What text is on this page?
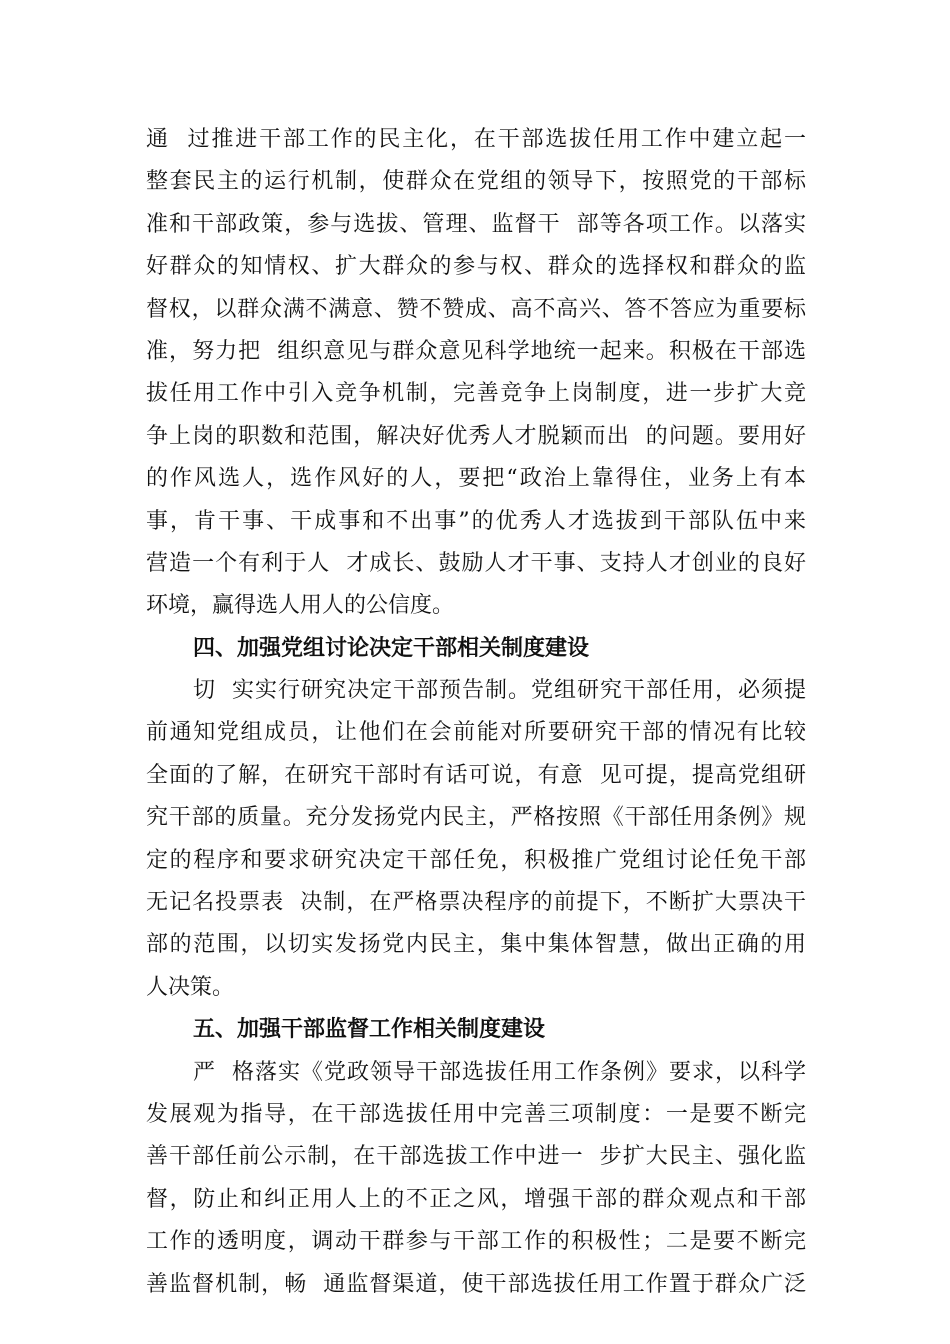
通  过推进干部工作的民主化，在干部选拔任用工作中建立起一
整套民主的运行机制，使群众在党组的领导下，按照党的干部标
准和干部政策，参与选拔、管理、监督干  部等各项工作。以落实
好群众的知情权、扩大群众的参与权、群众的选择权和群众的监
督权，以群众满不满意、赞不赞成、高不高兴、答不答应为重要标
准，努力把  组织意见与群众意见科学地统一起来。积极在干部选
拔任用工作中引入竞争机制，完善竞争上岗制度，进一步扩大竞
争上岗的职数和范围，解决好优秀人才脱颖而出  的问题。要用好
的作风选人，选作风好的人，要把“政治上靠得住，业务上有本
事，肯干事、干成事和不出事”的优秀人才选拔到干部队伍中来
营造一个有利于人  才成长、鼓励人才干事、支持人才创业的良好
环境，赢得选人用人的公信度。
四、加强党组讨论决定干部相关制度建设
切  实实行研究决定干部预告制。党组研究干部任用，必须提
前通知党组成员，让他们在会前能对所要研究干部的情况有比较
全面的了解，在研究干部时有话可说，有意  见可提，提高党组研
究干部的质量。充分发扬党内民主，严格按照《干部任用条例》规
定的程序和要求研究决定干部任免，积极推广党组讨论任免干部
无记名投票表  决制，在严格票决程序的前提下，不断扩大票决干
部的范围，以切实发扬党内民主，集中集体智慧，做出正确的用
人决策。
五、加强干部监督工作相关制度建设
严  格落实《党政领导干部选拔任用工作条例》要求，以科学
发展观为指导，在干部选拔任用中完善三项制度：一是要不断完
善干部任前公示制，在干部选拔工作中进一  步扩大民主、强化监
督，防止和纠正用人上的不正之风，增强干部的群众观点和干部
工作的透明度，调动干群参与干部工作的积极性；二是要不断完
善监督机制，畅  通监督渠道，使干部选拔任用工作置于群众广泛
